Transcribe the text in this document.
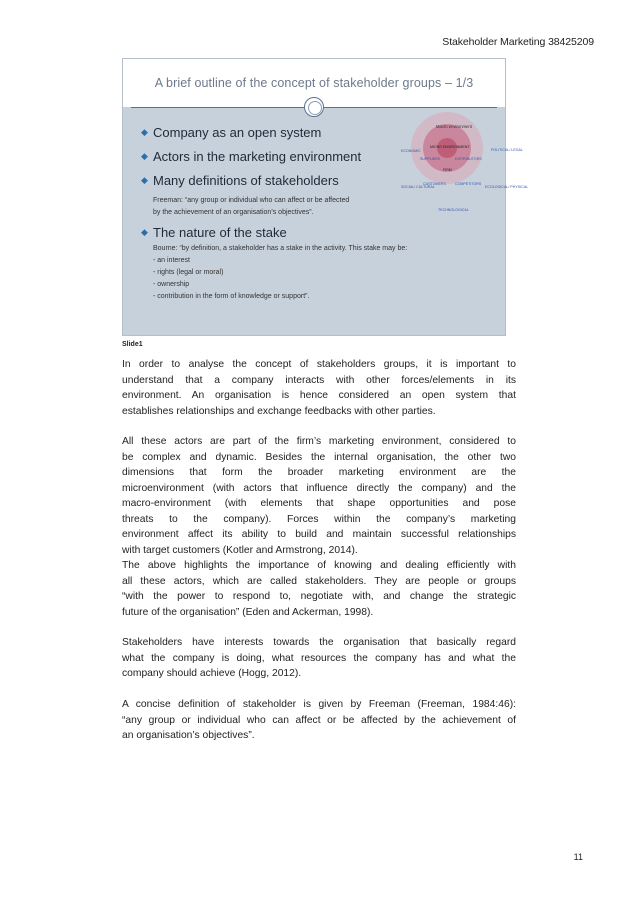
Stakeholder Marketing 38425209
A brief outline of the concept of stakeholder groups – 1/3
◆ Company as an open system
◆ Actors in the marketing environment
◆ Many definitions of stakeholders
Freeman: “any group or individual who can affect or be affected
by the achievement of an organisation’s objectives”.
◆ The nature of the stake
Bourne: “by definition, a stakeholder has a stake in the activity. This stake may be:
- an interest
- rights (legal or moral)
- ownership
- contribution in the form of knowledge or support”.
Macro environment
ECONOMIC	POLITICAL/ LEGAL
SOCIAL/ CULTURAL	ECOLOGICAL/ PHYSICAL
TECHNOLOGICAL
MICRO ENVIRONMENT
SUPPLIERS	DISTRIBUTORS
FIRM
CUSTOMERS	COMPETITORS
Slide1
In order to analyse the concept of stakeholders groups, it is important to
understand that a company interacts with other forces/elements in its
environment. An organisation is hence considered an open system that
establishes relationships and exchange feedbacks with other parties.
All these actors are part of the firm’s marketing environment, considered to
be complex and dynamic. Besides the internal organisation, the other two
dimensions that form the broader marketing environment are the
microenvironment (with actors that influence directly the company) and the
macro-environment (with elements that shape opportunities and pose
threats to the company). Forces within the company’s marketing
environment affect its ability to build and maintain successful relationships
with target customers (Kotler and Armstrong, 2014).
The above highlights the importance of knowing and dealing efficiently with
all these actors, which are called stakeholders. They are people or groups
“with the power to respond to, negotiate with, and change the strategic
future of the organisation” (Eden and Ackerman, 1998).
Stakeholders have interests towards the organisation that basically regard
what the company is doing, what resources the company has and what the
company should achieve (Hogg, 2012).
A concise definition of stakeholder is given by Freeman (Freeman, 1984:46):
“any group or individual who can affect or be affected by the achievement of
an organisation’s objectives”.
11
